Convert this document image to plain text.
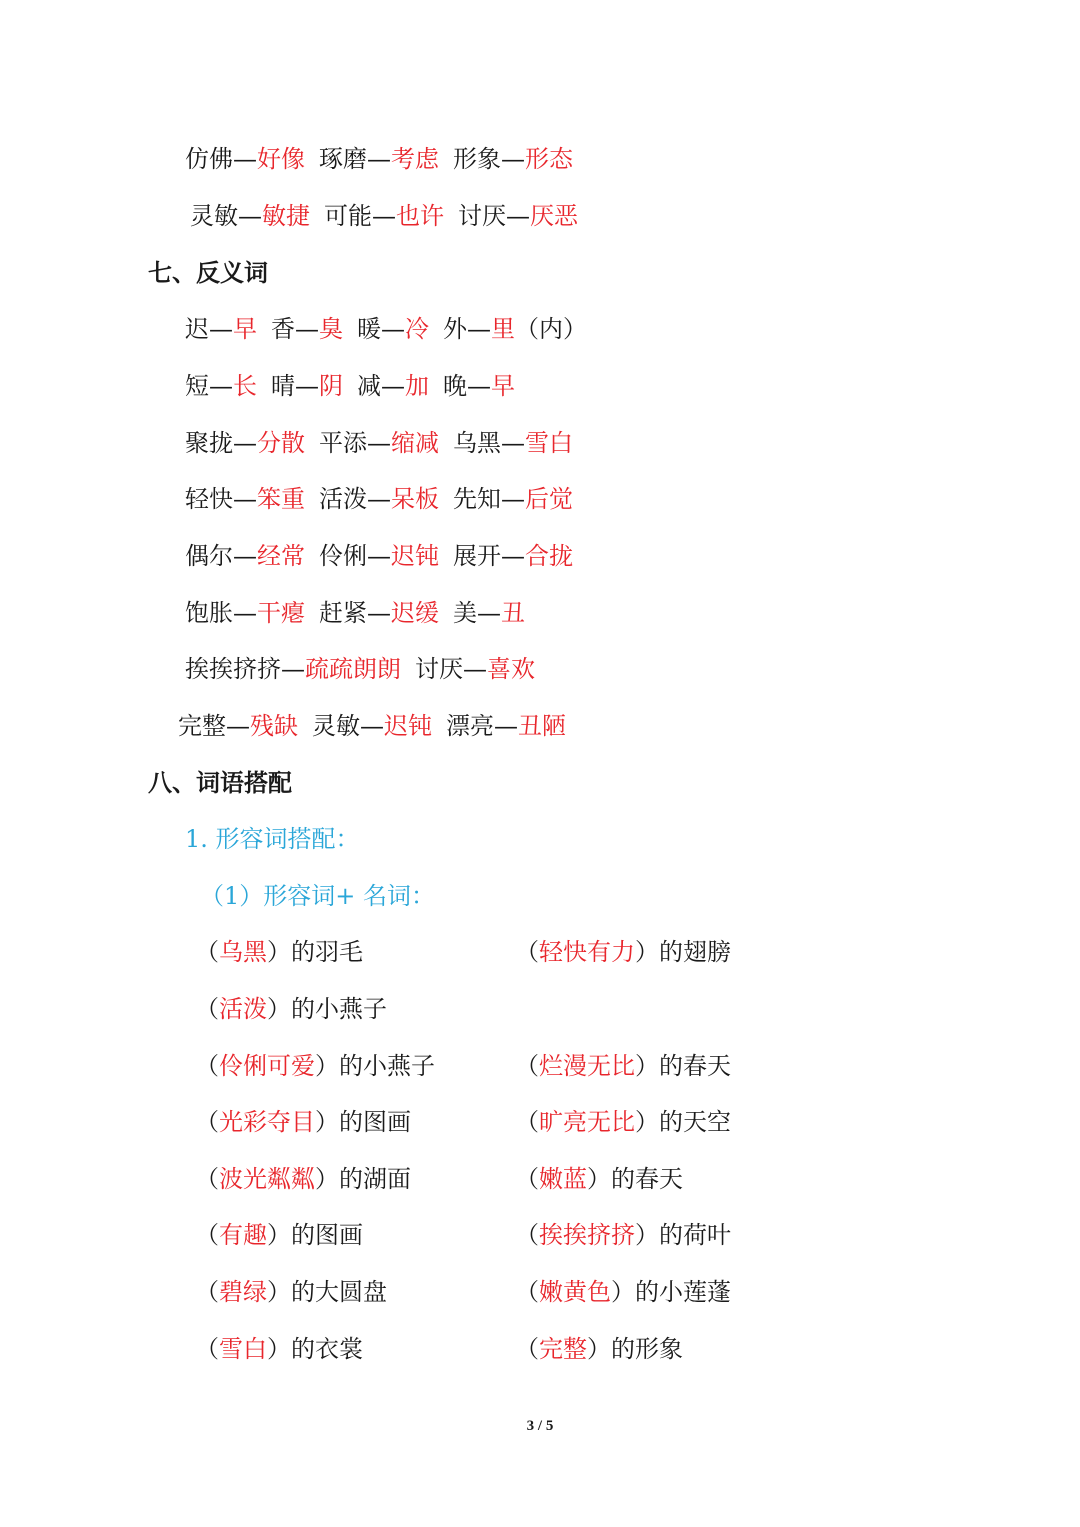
仿佛—好像 琢磨—考虑 形象—形态
灵敏—敏捷 可能—也许 讨厌—厌恶
七、反义词
迟—早 香—臭 暖—冷 外—里（内）
短—长 晴—阴 减—加 晚—早
聚拢—分散 平添—缩减 乌黑—雪白
轻快—笨重 活泼—呆板 先知—后觉
偶尔—经常 伶俐—迟钝 展开—合拢
饱胀—干瘪 赶紧—迟缓 美—丑
挨挨挤挤—疏疏朗朗 讨厌—喜欢
完整—残缺 灵敏—迟钝 漂亮—丑陋
八、词语搭配
1. 形容词搭配：
（1）形容词+ 名词：
（乌黑）的羽毛
（活泼）的小燕子
（伶俐可爱）的小燕子
（光彩夺目）的图画
（波光粼粼）的湖面
（有趣）的图画
（碧绿）的大圆盘
（雪白）的衣裳
（轻快有力）的翅膀
（烂漫无比）的春天
（旷亮无比）的天空
（嫩蓝）的春天
（挨挨挤挤）的荷叶
（嫩黄色）的小莲蓬
（完整）的形象
3 / 5
